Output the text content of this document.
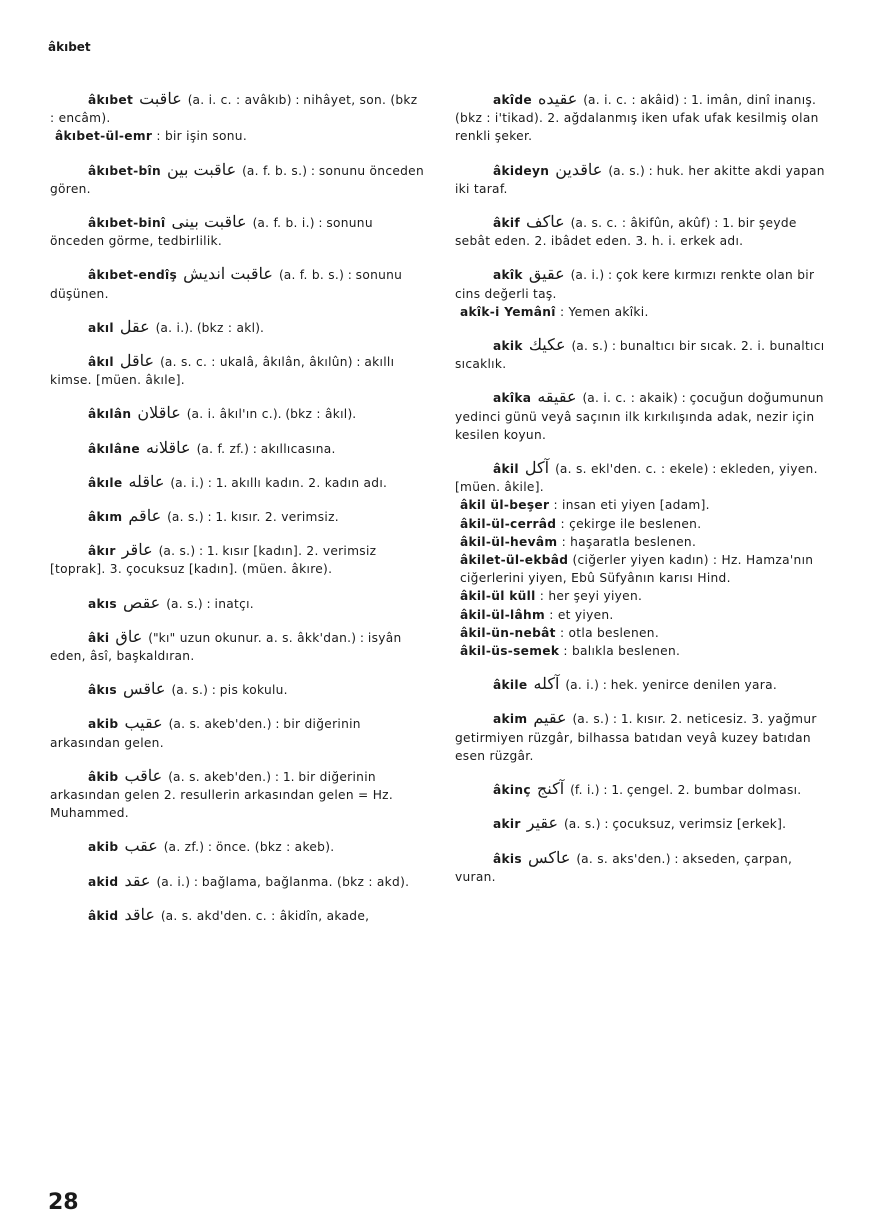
âkıbet
âkıbet عاقبت (a. i. c. : avâkıb) : nihâyet, son. (bkz : encâm).
âkıbet-ül-emr : bir işin sonu.
âkıbet-bîn عاقبت بين (a. f. b. s.) : sonunu önceden gören.
âkıbet-binî عاقبت بينى (a. f. b. i.) : sonunu önceden görme, tedbirlilik.
âkıbet-endîş عاقبت انديش (a. f. b. s.) : sonunu düşünen.
akıl عقل (a. i.). (bkz : akl).
âkıl عاقل (a. s. c. : ukalâ, âkılân, âkılûn) : akıllı kimse. [müen. âkıle].
âkılân عاقلان (a. i. âkıl'ın c.). (bkz : âkıl).
âkılâne عاقلانه (a. f. zf.) : akıllıcasına.
âkıle عاقله (a. i.) : 1. akıllı kadın. 2. kadın adı.
âkım عاقم (a. s.) : 1. kısır. 2. verimsiz.
âkır عاقر (a. s.) : 1. kısır [kadın]. 2. verimsiz [toprak]. 3. çocuksuz [kadın]. (müen. âkıre).
akıs عقص (a. s.) : inatçı.
âki عاق ("kı" uzun okunur. a. s. âkk'dan.) : isyân eden, âsî, başkaldıran.
âkıs عاقس (a. s.) : pis kokulu.
akib عقيب (a. s. akeb'den.) : bir diğerinin arkasından gelen.
âkib عاقب (a. s. akeb'den.) : 1. bir diğerinin arkasından gelen 2. resullerin arkasından gelen = Hz. Muhammed.
akib عقب (a. zf.) : önce. (bkz : akeb).
akid عقد (a. i.) : bağlama, bağlanma. (bkz : akd).
âkid عاقد (a. s. akd'den. c. : âkidîn, akade,
akîde عقيده (a. i. c. : akâid) : 1. imân, dinî inanış. (bkz : i'tikad). 2. ağdalanmış iken ufak ufak kesilmiş olan renkli şeker.
âkideyn عاقدين (a. s.) : huk. her akitte akdi yapan iki taraf.
âkif عاكف (a. s. c. : âkifûn, akûf) : 1. bir şeyde sebât eden. 2. ibâdet eden. 3. h. i. erkek adı.
akîk عقيق (a. i.) : çok kere kırmızı renkte olan bir cins değerli taş.
akîk-i Yemânî : Yemen akîki.
akik عكيك (a. s.) : bunaltıcı bir sıcak. 2. i. bunaltıcı sıcaklık.
akîka عقيقه (a. i. c. : akaik) : çocuğun doğumunun yedinci günü veyâ saçının ilk kırkılışında adak, nezir için kesilen koyun.
âkil آكل (a. s. ekl'den. c. : ekele) : ekleden, yiyen. [müen. âkile].
âkil ül-beşer : insan eti yiyen [adam].
âkil-ül-cerrâd : çekirge ile beslenen.
âkil-ül-hevâm : haşaratla beslenen.
âkilet-ül-ekbâd (ciğerler yiyen kadın) : Hz. Hamza'nın ciğerlerini yiyen, Ebû Süfyânın karısı Hind.
âkil-ül küll : her şeyi yiyen.
âkil-ül-lâhm : et yiyen.
âkil-ün-nebât : otla beslenen.
âkil-üs-semek : balıkla beslenen.
âkile آكله (a. i.) : hek. yenirce denilen yara.
akim عقيم (a. s.) : 1. kısır. 2. neticesiz. 3. yağmur getirmiyen rüzgâr, bilhassa batıdan veyâ kuzey batıdan esen rüzgâr.
âkinç آكنج (f. i.) : 1. çengel. 2. bumbar dolması.
akir عقير (a. s.) : çocuksuz, verimsiz [erkek].
âkis عاكس (a. s. aks'den.) : akseden, çarpan, vuran.
28
